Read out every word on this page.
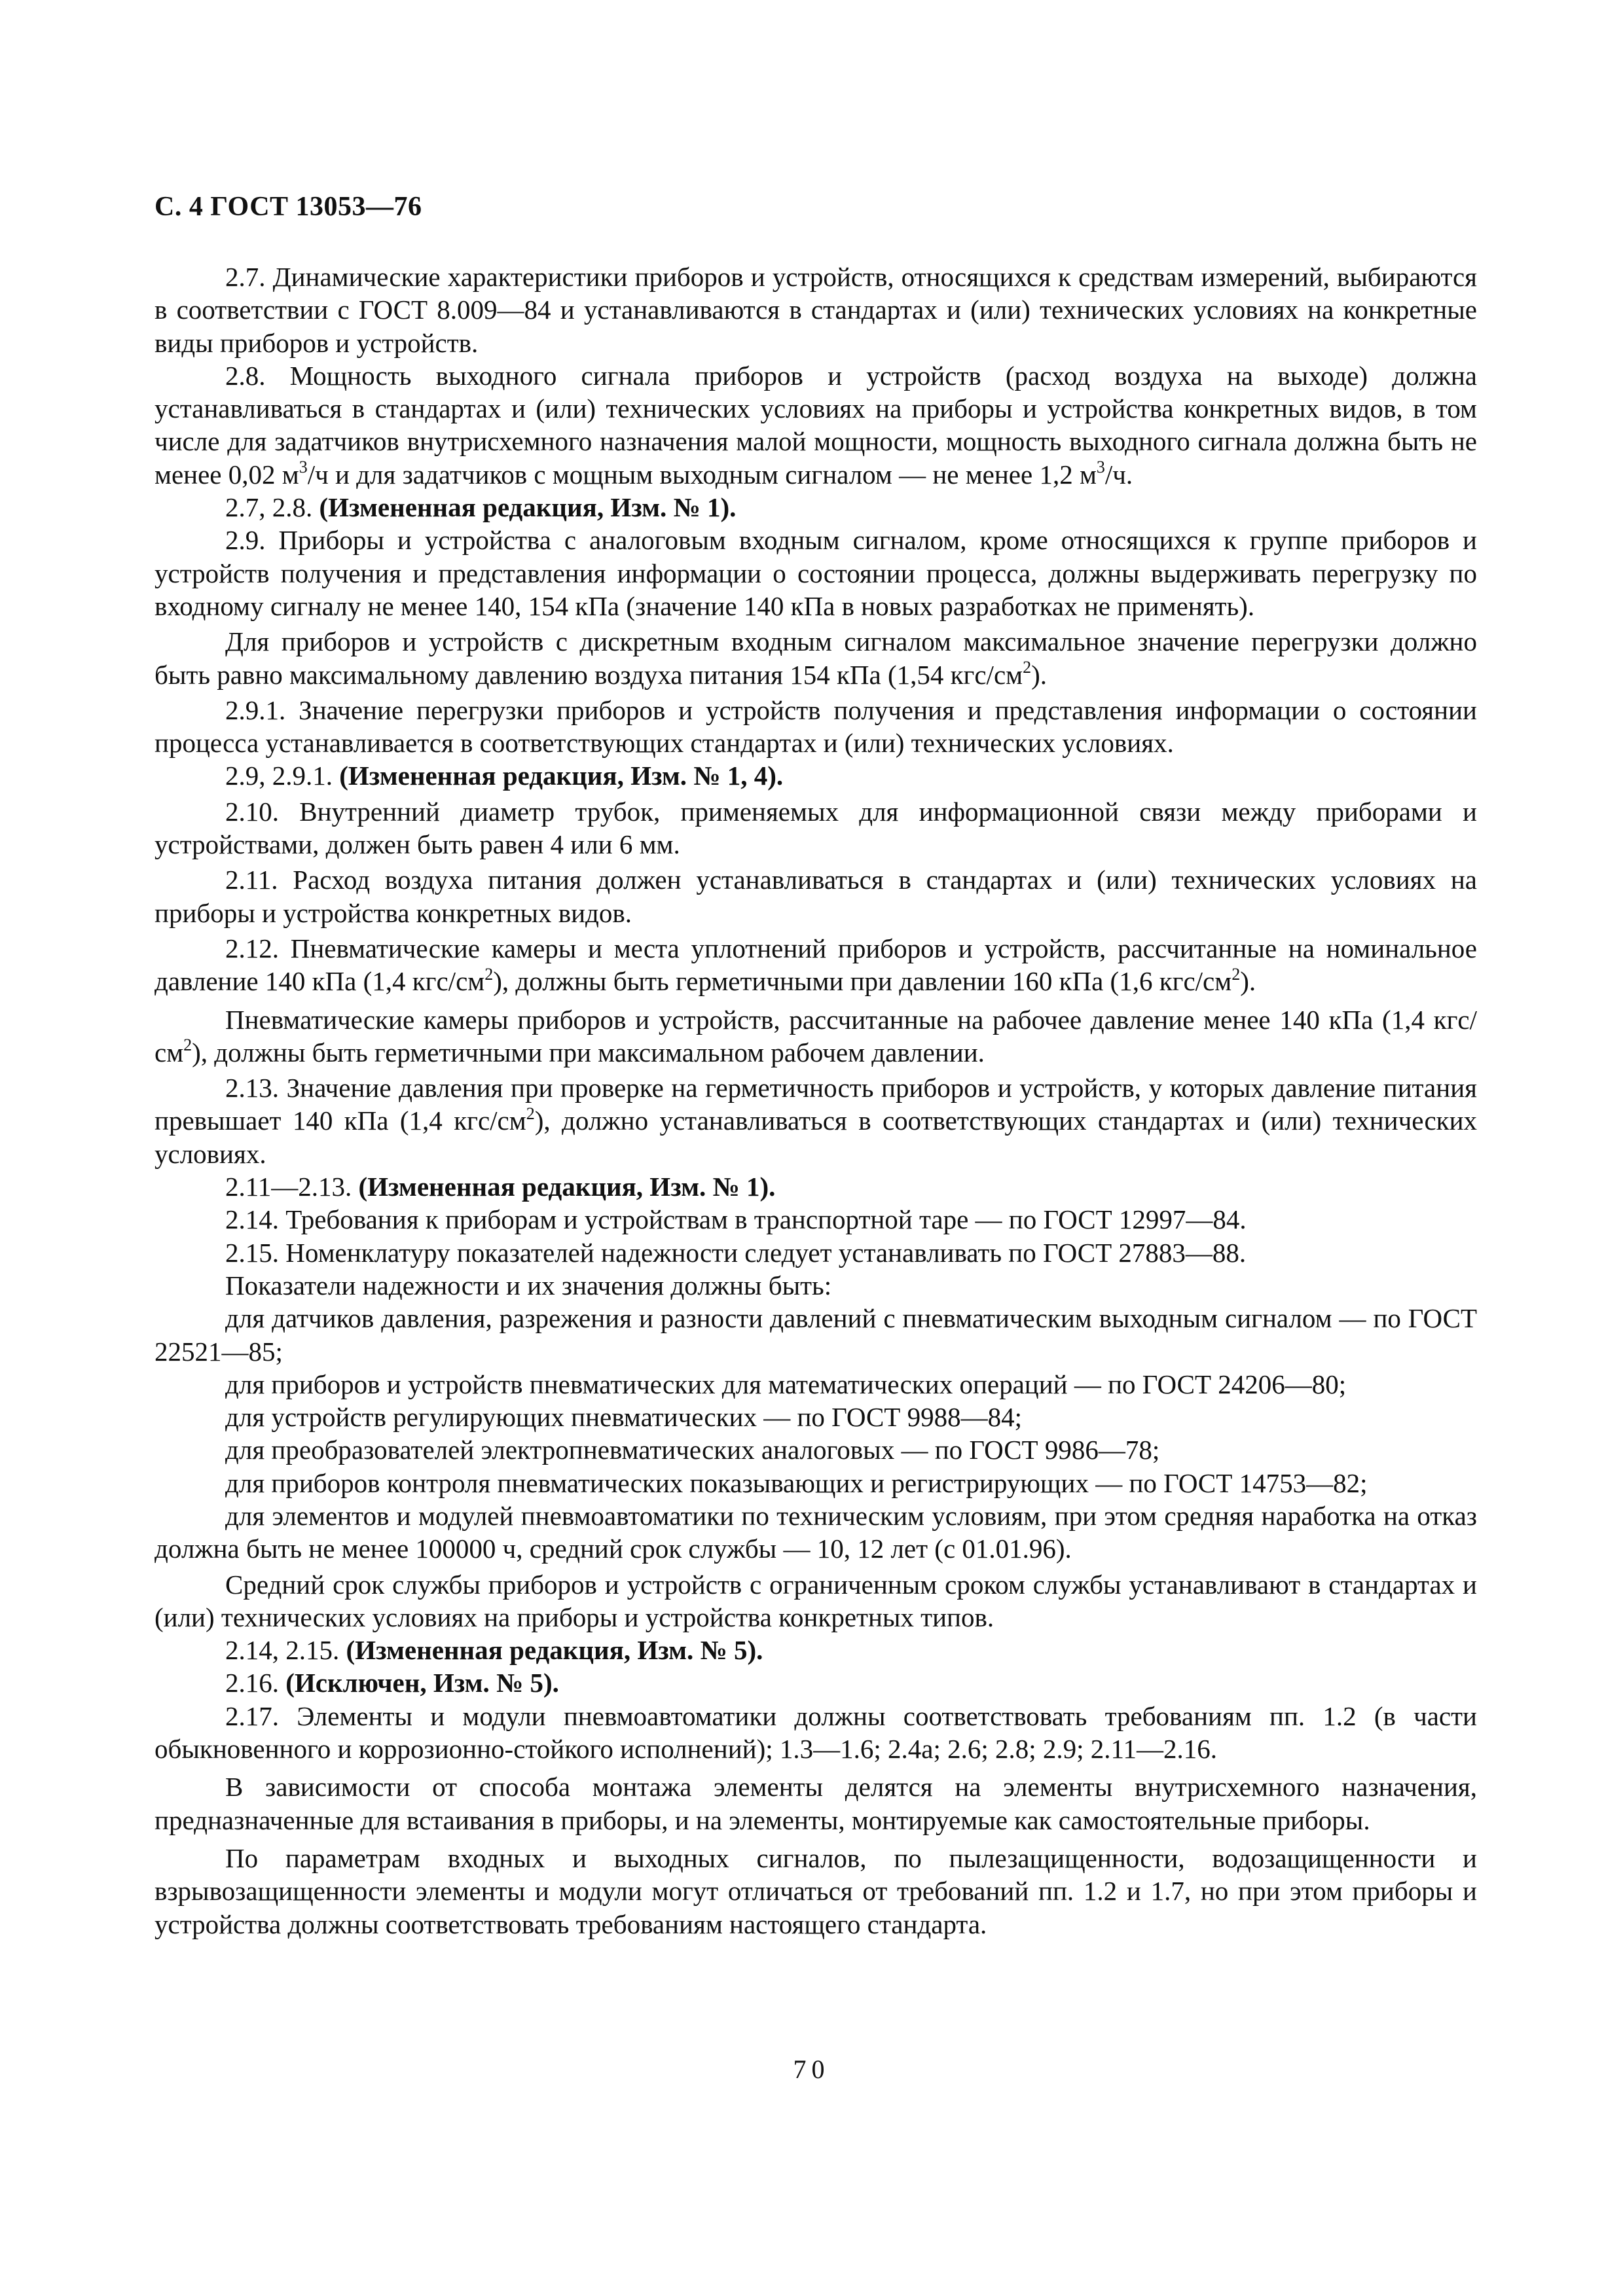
С. 4 ГОСТ 13053—76

2.7. Динамические характеристики приборов и устройств, относящихся к средствам измерений, выбираются в соответствии с ГОСТ 8.009—84 и устанавливаются в стандартах и (или) технических условиях на конкретные виды приборов и устройств.

2.8. Мощность выходного сигнала приборов и устройств (расход воздуха на выходе) должна устанавливаться в стандартах и (или) технических условиях на приборы и устройства конкретных видов, в том числе для задатчиков внутрисхемного назначения малой мощности, мощность выходного сигнала должна быть не менее 0,02 $м^3/ч$ и для задатчиков с мощным выходным сигналом — не менее 1,2 $м^3/ч$.

2.7, 2.8. (Измененная редакция, Изм. № 1).

2.9. Приборы и устройства с аналоговым входным сигналом, кроме относящихся к группе приборов и устройств получения и представления информации о состоянии процесса, должны выдерживать перегрузку по входному сигналу не менее 140, 154 кПа (значение 140 кПа в новых разработках не применять).

Для приборов и устройств с дискретным входным сигналом максимальное значение перегрузки должно быть равно максимальному давлению воздуха питания 154 кПа (1,54 кгс/$см^2$).

2.9.1. Значение перегрузки приборов и устройств получения и представления информации о состоянии процесса устанавливается в соответствующих стандартах и (или) технических условиях.

2.9, 2.9.1. (Измененная редакция, Изм. № 1, 4).

2.10. Внутренний диаметр трубок, применяемых для информационной связи между приборами и устройствами, должен быть равен 4 или 6 мм.

2.11. Расход воздуха питания должен устанавливаться в стандартах и (или) технических условиях на приборы и устройства конкретных видов.

2.12. Пневматические камеры и места уплотнений приборов и устройств, рассчитанные на номинальное давление 140 кПа (1,4 кгс/$см^2$), должны быть герметичными при давлении 160 кПа (1,6 кгс/$см^2$).

Пневматические камеры приборов и устройств, рассчитанные на рабочее давление менее 140 кПа (1,4 кгс/$см^2$), должны быть герметичными при максимальном рабочем давлении.

2.13. Значение давления при проверке на герметичность приборов и устройств, у которых давление питания превышает 140 кПа (1,4 кгс/$см^2$), должно устанавливаться в соответствующих стандартах и (или) технических условиях.

2.11—2.13. (Измененная редакция, Изм. № 1).

2.14. Требования к приборам и устройствам в транспортной таре — по ГОСТ 12997—84.

2.15. Номенклатуру показателей надежности следует устанавливать по ГОСТ 27883—88.

Показатели надежности и их значения должны быть:

для датчиков давления, разрежения и разности давлений с пневматическим выходным сигналом — по ГОСТ 22521—85;

для приборов и устройств пневматических для математических операций — по ГОСТ 24206—80;

для устройств регулирующих пневматических — по ГОСТ 9988—84;

для преобразователей электропневматических аналоговых — по ГОСТ 9986—78;

для приборов контроля пневматических показывающих и регистрирующих — по ГОСТ 14753—82;

для элементов и модулей пневмоавтоматики по техническим условиям, при этом средняя наработка на отказ должна быть не менее 100000 ч, средний срок службы — 10, 12 лет (с 01.01.96).

Средний срок службы приборов и устройств с ограниченным сроком службы устанавливают в стандартах и (или) технических условиях на приборы и устройства конкретных типов.

2.14, 2.15. (Измененная редакция, Изм. № 5).

2.16. (Исключен, Изм. № 5).

2.17. Элементы и модули пневмоавтоматики должны соответствовать требованиям пп. 1.2 (в части обыкновенного и коррозионно-стойкого исполнений); 1.3—1.6; 2.4а; 2.6; 2.8; 2.9; 2.11—2.16.

В зависимости от способа монтажа элементы делятся на элементы внутрисхемного назначения, предназначенные для встаивания в приборы, и на элементы, монтируемые как самостоятельные приборы.

По параметрам входных и выходных сигналов, по пылезащищенности, водозащищенности и взрывозащищенности элементы и модули могут отличаться от требований пп. 1.2 и 1.7, но при этом приборы и устройства должны соответствовать требованиям настоящего стандарта.

70
